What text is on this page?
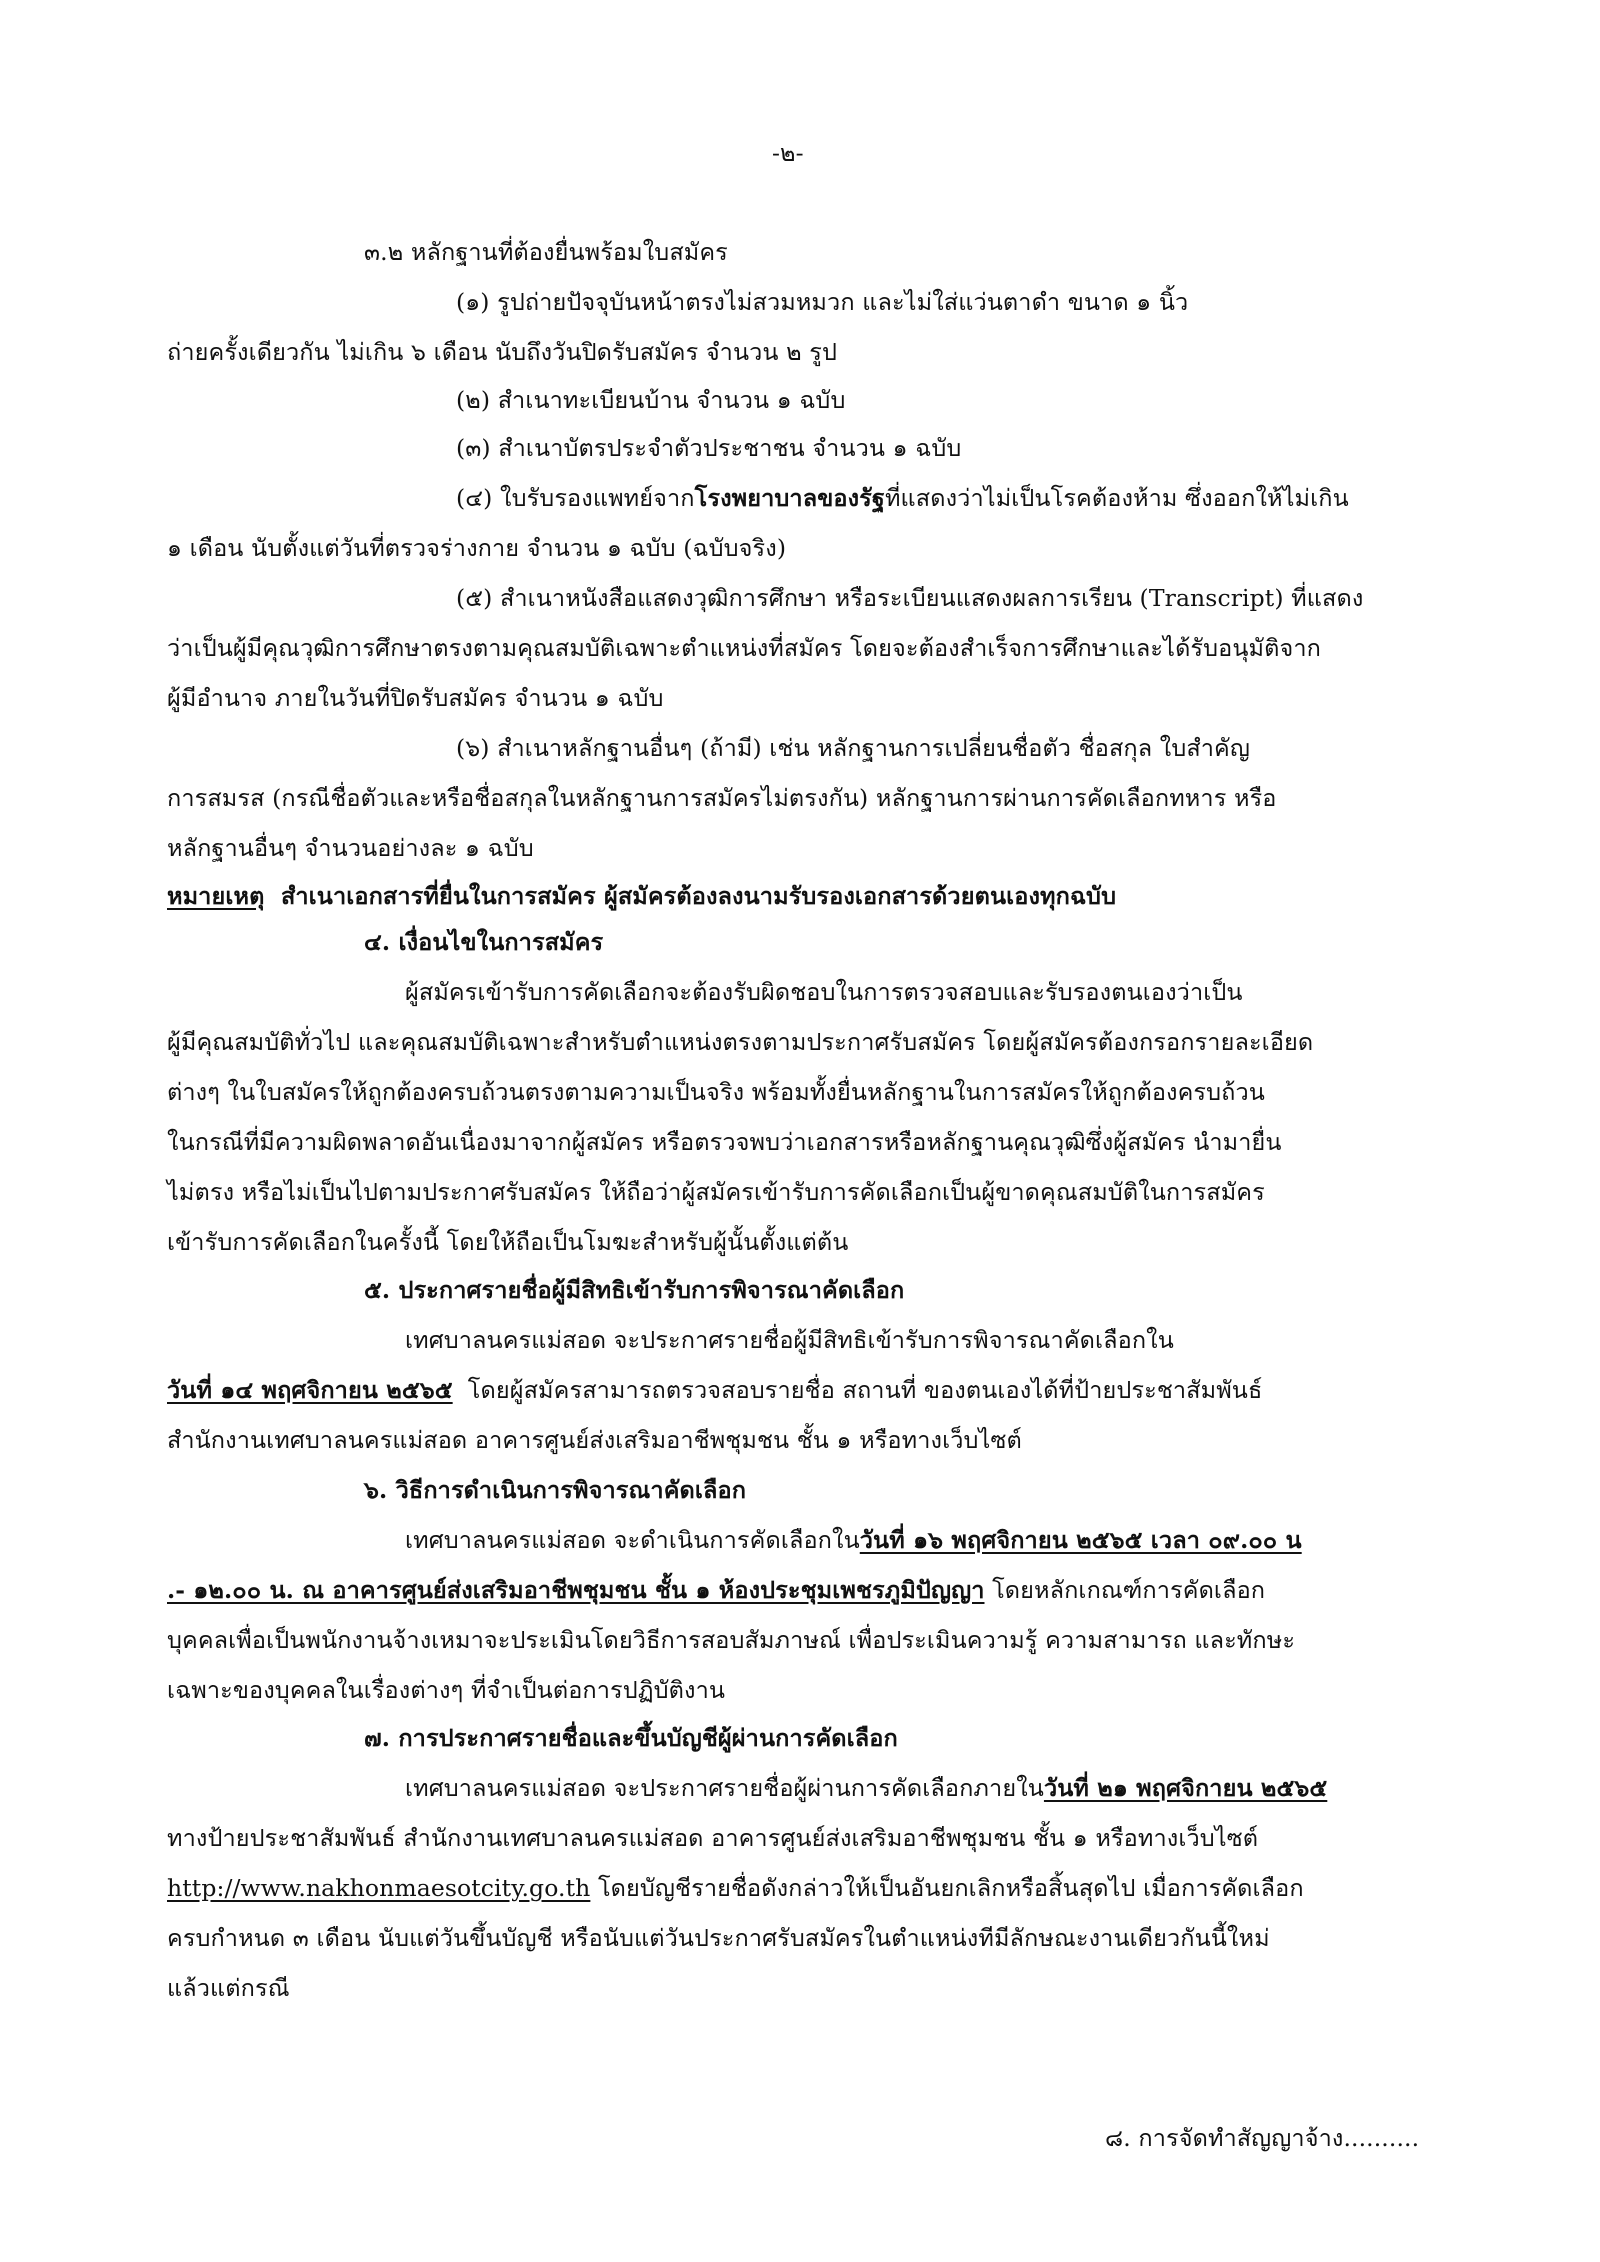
-๒-
๓.๒ หลักฐานที่ต้องยื่นพร้อมใบสมัคร
(๑) รูปถ่ายปัจจุบันหน้าตรงไม่สวมหมวก และไม่ใส่แว่นตาดำ ขนาด ๑ นิ้ว
ถ่ายครั้งเดียวกัน ไม่เกิน ๖ เดือน นับถึงวันปิดรับสมัคร จำนวน ๒ รูป
(๒) สำเนาทะเบียนบ้าน จำนวน ๑ ฉบับ
(๓) สำเนาบัตรประจำตัวประชาชน จำนวน ๑ ฉบับ
(๔) ใบรับรองแพทย์จากโรงพยาบาลของรัฐที่แสดงว่าไม่เป็นโรคต้องห้าม ซึ่งออกให้ไม่เกิน
๑ เดือน นับตั้งแต่วันที่ตรวจร่างกาย จำนวน ๑ ฉบับ (ฉบับจริง)
(๕) สำเนาหนังสือแสดงวุฒิการศึกษา หรือระเบียนแสดงผลการเรียน (Transcript) ที่แสดง
ว่าเป็นผู้มีคุณวุฒิการศึกษาตรงตามคุณสมบัติเฉพาะตำแหน่งที่สมัคร โดยจะต้องสำเร็จการศึกษาและได้รับอนุมัติจาก
ผู้มีอำนาจ ภายในวันที่ปิดรับสมัคร จำนวน ๑ ฉบับ
(๖) สำเนาหลักฐานอื่นๆ (ถ้ามี) เช่น หลักฐานการเปลี่ยนชื่อตัว ชื่อสกุล ใบสำคัญ
การสมรส (กรณีชื่อตัวและหรือชื่อสกุลในหลักฐานการสมัครไม่ตรงกัน) หลักฐานการผ่านการคัดเลือกทหาร หรือ
หลักฐานอื่นๆ จำนวนอย่างละ ๑ ฉบับ
หมายเหตุ สำเนาเอกสารที่ยื่นในการสมัคร ผู้สมัครต้องลงนามรับรองเอกสารด้วยตนเองทุกฉบับ
๔. เงื่อนไขในการสมัคร
ผู้สมัครเข้ารับการคัดเลือกจะต้องรับผิดชอบในการตรวจสอบและรับรองตนเองว่าเป็น
ผู้มีคุณสมบัติทั่วไป และคุณสมบัติเฉพาะสำหรับตำแหน่งตรงตามประกาศรับสมัคร โดยผู้สมัครต้องกรอกรายละเอียด
ต่างๆ ในใบสมัครให้ถูกต้องครบถ้วนตรงตามความเป็นจริง พร้อมทั้งยื่นหลักฐานในการสมัครให้ถูกต้องครบถ้วน
ในกรณีที่มีความผิดพลาดอันเนื่องมาจากผู้สมัคร หรือตรวจพบว่าเอกสารหรือหลักฐานคุณวุฒิซึ่งผู้สมัคร นำมายื่น
ไม่ตรง หรือไม่เป็นไปตามประกาศรับสมัคร ให้ถือว่าผู้สมัครเข้ารับการคัดเลือกเป็นผู้ขาดคุณสมบัติในการสมัคร
เข้ารับการคัดเลือกในครั้งนี้ โดยให้ถือเป็นโมฆะสำหรับผู้นั้นตั้งแต่ต้น
๕. ประกาศรายชื่อผู้มีสิทธิเข้ารับการพิจารณาคัดเลือก
เทศบาลนครแม่สอด จะประกาศรายชื่อผู้มีสิทธิเข้ารับการพิจารณาคัดเลือกใน
วันที่ ๑๔ พฤศจิกายน ๒๕๖๕ โดยผู้สมัครสามารถตรวจสอบรายชื่อ สถานที่ ของตนเองได้ที่ป้ายประชาสัมพันธ์
สำนักงานเทศบาลนครแม่สอด อาคารศูนย์ส่งเสริมอาชีพชุมชน ชั้น ๑ หรือทางเว็บไซต์
๖. วิธีการดำเนินการพิจารณาคัดเลือก
เทศบาลนครแม่สอด จะดำเนินการคัดเลือกในวันที่ ๑๖ พฤศจิกายน ๒๕๖๕ เวลา ๐๙.๐๐ น
.- ๑๒.๐๐ น. ณ อาคารศูนย์ส่งเสริมอาชีพชุมชน ชั้น ๑ ห้องประชุมเพชรภูมิปัญญา โดยหลักเกณฑ์การคัดเลือก
บุคคลเพื่อเป็นพนักงานจ้างเหมาจะประเมินโดยวิธีการสอบสัมภาษณ์ เพื่อประเมินความรู้ ความสามารถ และทักษะ
เฉพาะของบุคคลในเรื่องต่างๆ ที่จำเป็นต่อการปฏิบัติงาน
๗. การประกาศรายชื่อและขึ้นบัญชีผู้ผ่านการคัดเลือก
เทศบาลนครแม่สอด จะประกาศรายชื่อผู้ผ่านการคัดเลือกภายในวันที่ ๒๑ พฤศจิกายน ๒๕๖๕
ทางป้ายประชาสัมพันธ์ สำนักงานเทศบาลนครแม่สอด อาคารศูนย์ส่งเสริมอาชีพชุมชน ชั้น ๑ หรือทางเว็บไซต์
http://www.nakhonmaesotcity.go.th โดยบัญชีรายชื่อดังกล่าวให้เป็นอันยกเลิกหรือสิ้นสุดไป เมื่อการคัดเลือก
ครบกำหนด ๓ เดือน นับแต่วันขึ้นบัญชี หรือนับแต่วันประกาศรับสมัครในตำแหน่งทีมีลักษณะงานเดียวกันนี้ใหม่
แล้วแต่กรณี
๘. การจัดทำสัญญาจ้าง..........
